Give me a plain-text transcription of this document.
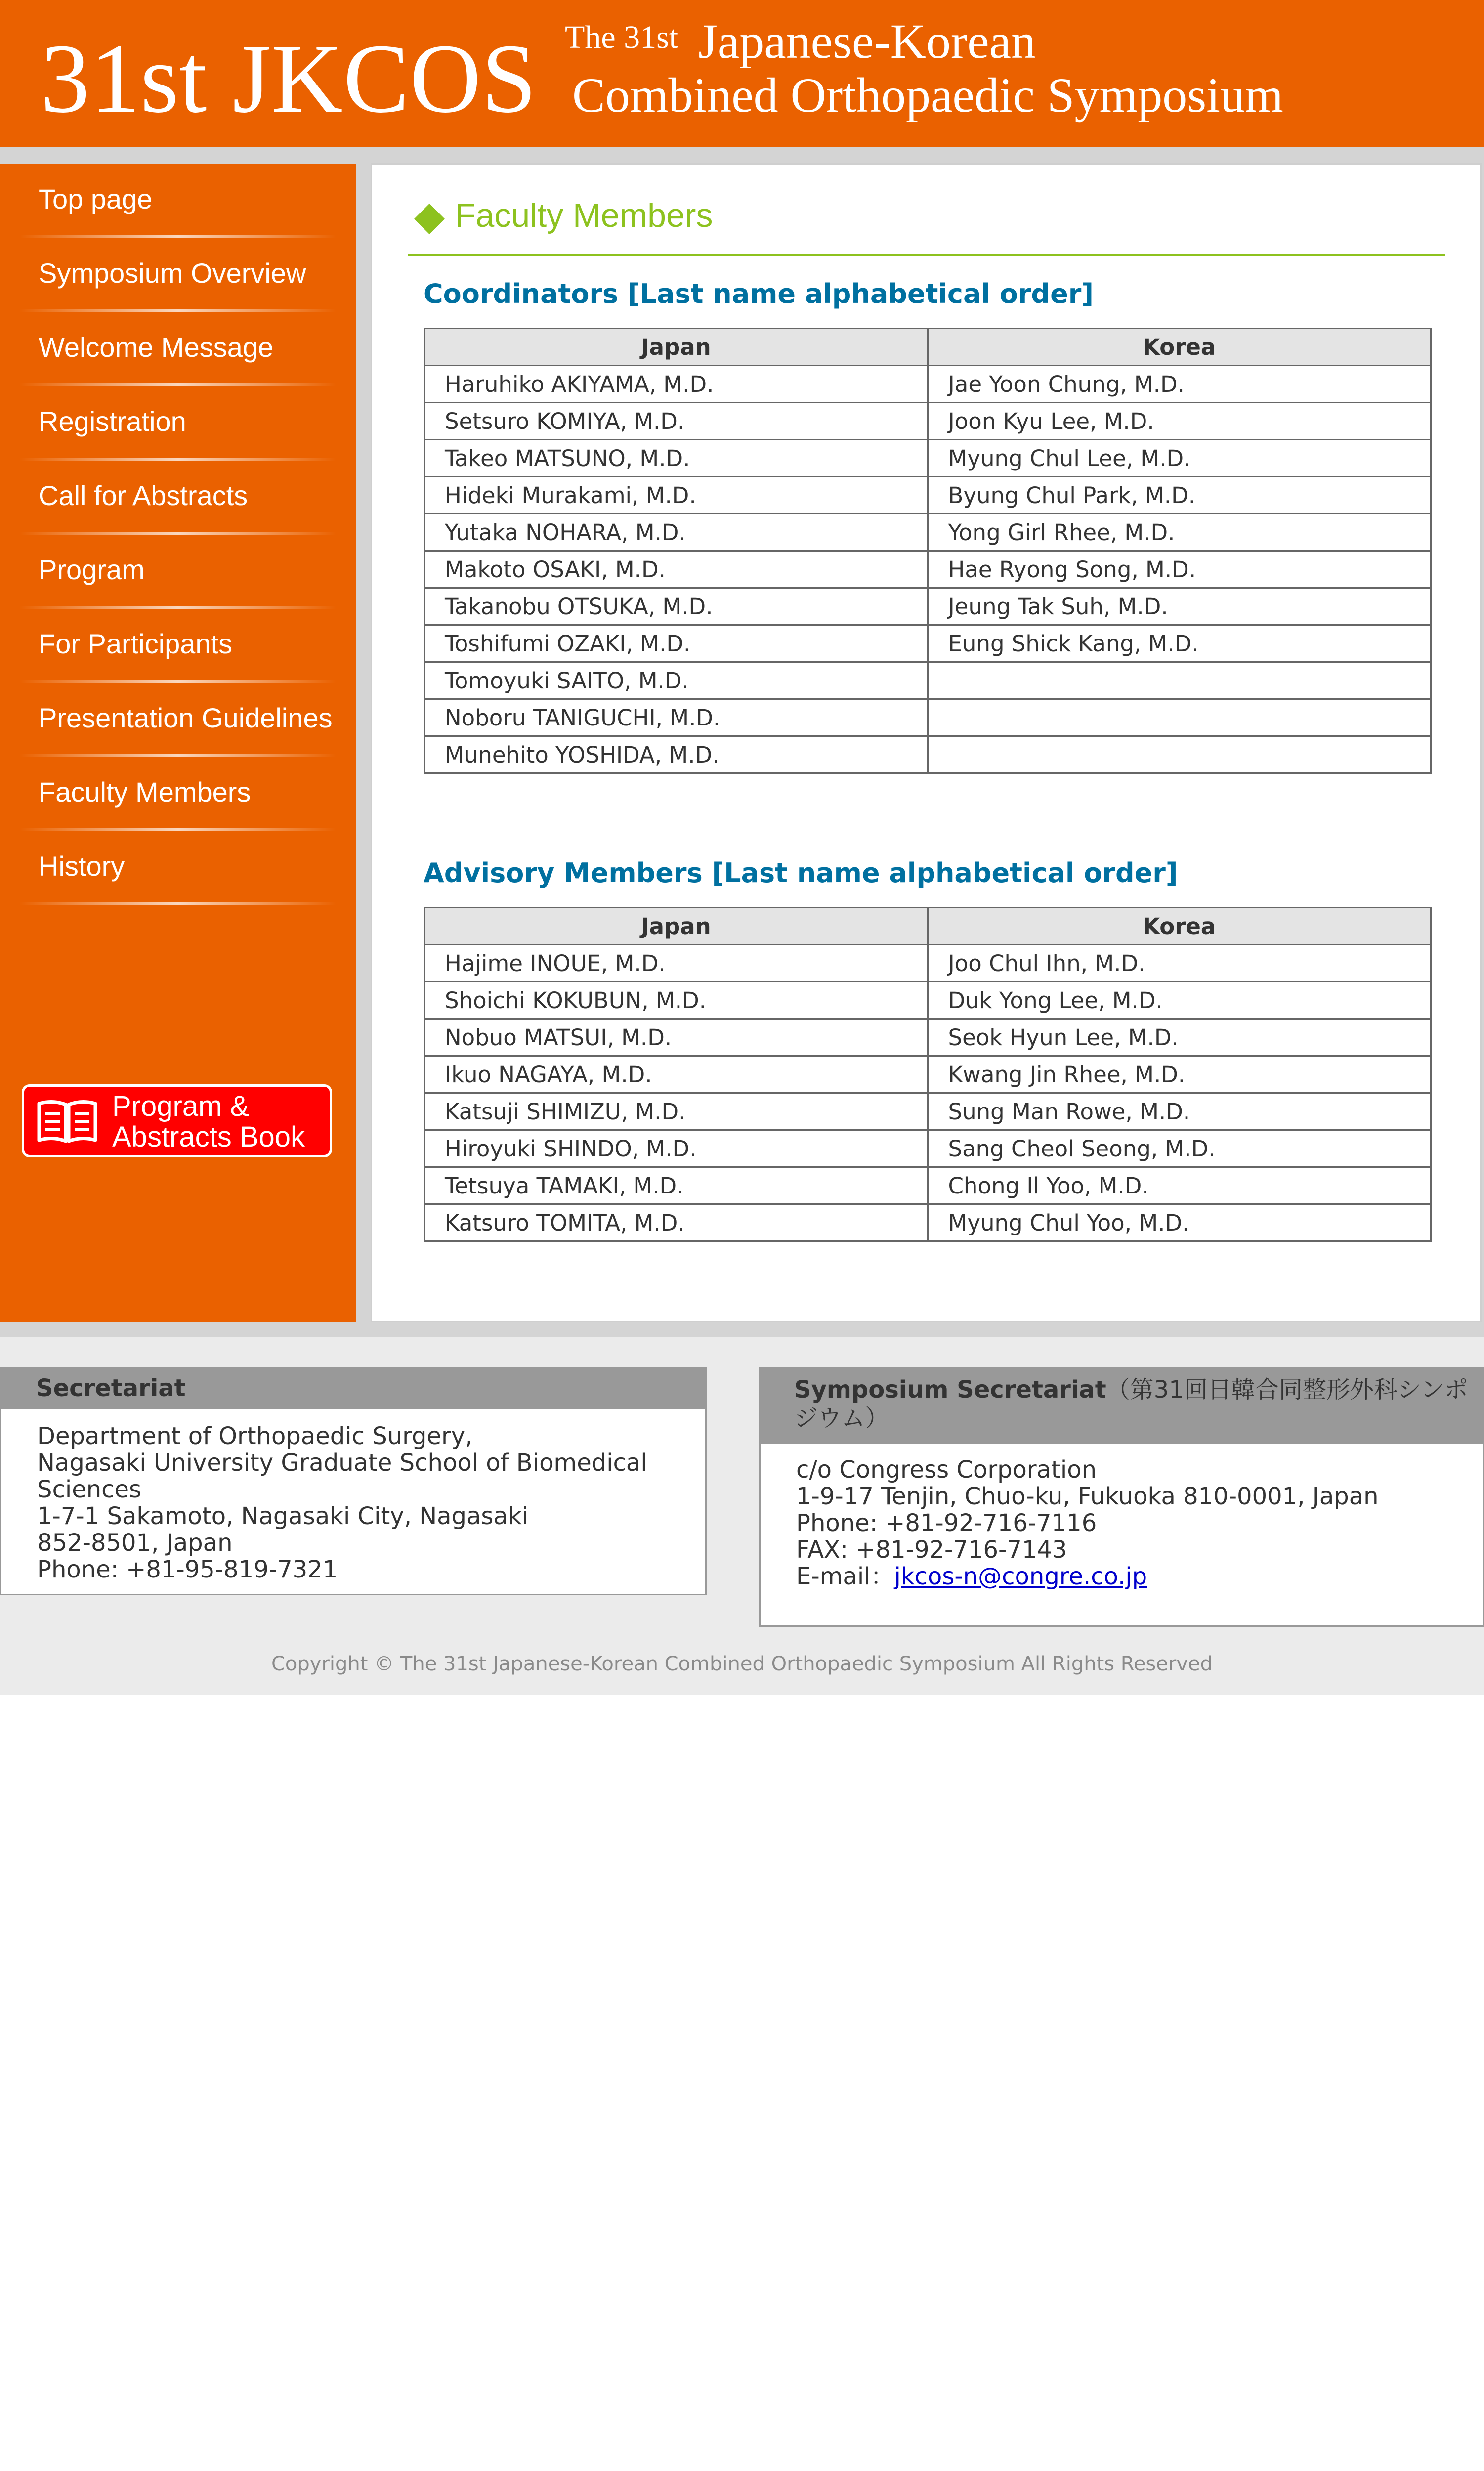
31st JKCOS The 31st Japanese-Korean
Combined Orthopaedic Symposium
Top page
Symposium Overview
Welcome Message
Registration
Call for Abstracts
Program
For Participants
Presentation Guidelines
Faculty Members
History
Program &
Abstracts Book
Faculty Members
Coordinators [Last name alphabetical order]
Japan	Korea
Haruhiko AKIYAMA, M.D.	Jae Yoon Chung, M.D.
Setsuro KOMIYA, M.D.	Joon Kyu Lee, M.D.
Takeo MATSUNO, M.D.	Myung Chul Lee, M.D.
Hideki Murakami, M.D.	Byung Chul Park, M.D.
Yutaka NOHARA, M.D.	Yong Girl Rhee, M.D.
Makoto OSAKI, M.D.	Hae Ryong Song, M.D.
Takanobu OTSUKA, M.D.	Jeung Tak Suh, M.D.
Toshifumi OZAKI, M.D.	Eung Shick Kang, M.D.
Tomoyuki SAITO, M.D.	
Noboru TANIGUCHI, M.D.	
Munehito YOSHIDA, M.D.	
Advisory Members [Last name alphabetical order]
Japan	Korea
Hajime INOUE, M.D.	Joo Chul Ihn, M.D.
Shoichi KOKUBUN, M.D.	Duk Yong Lee, M.D.
Nobuo MATSUI, M.D.	Seok Hyun Lee, M.D.
Ikuo NAGAYA, M.D.	Kwang Jin Rhee, M.D.
Katsuji SHIMIZU, M.D.	Sung Man Rowe, M.D.
Hiroyuki SHINDO, M.D.	Sang Cheol Seong, M.D.
Tetsuya TAMAKI, M.D.	Chong Il Yoo, M.D.
Katsuro TOMITA, M.D.	Myung Chul Yoo, M.D.
Secretariat
Department of Orthopaedic Surgery,
Nagasaki University Graduate School of Biomedical Sciences
1-7-1 Sakamoto, Nagasaki City, Nagasaki
852-8501, Japan
Phone: +81-95-819-7321
Symposium Secretariat（第31回日韓合同整形外科シンポジウム）
c/o Congress Corporation
1-9-17 Tenjin, Chuo-ku, Fukuoka 810-0001, Japan
Phone: +81-92-716-7116
FAX: +81-92-716-7143
E-mail：jkcos-n@congre.co.jp
Copyright © The 31st Japanese-Korean Combined Orthopaedic Symposium All Rights Reserved
